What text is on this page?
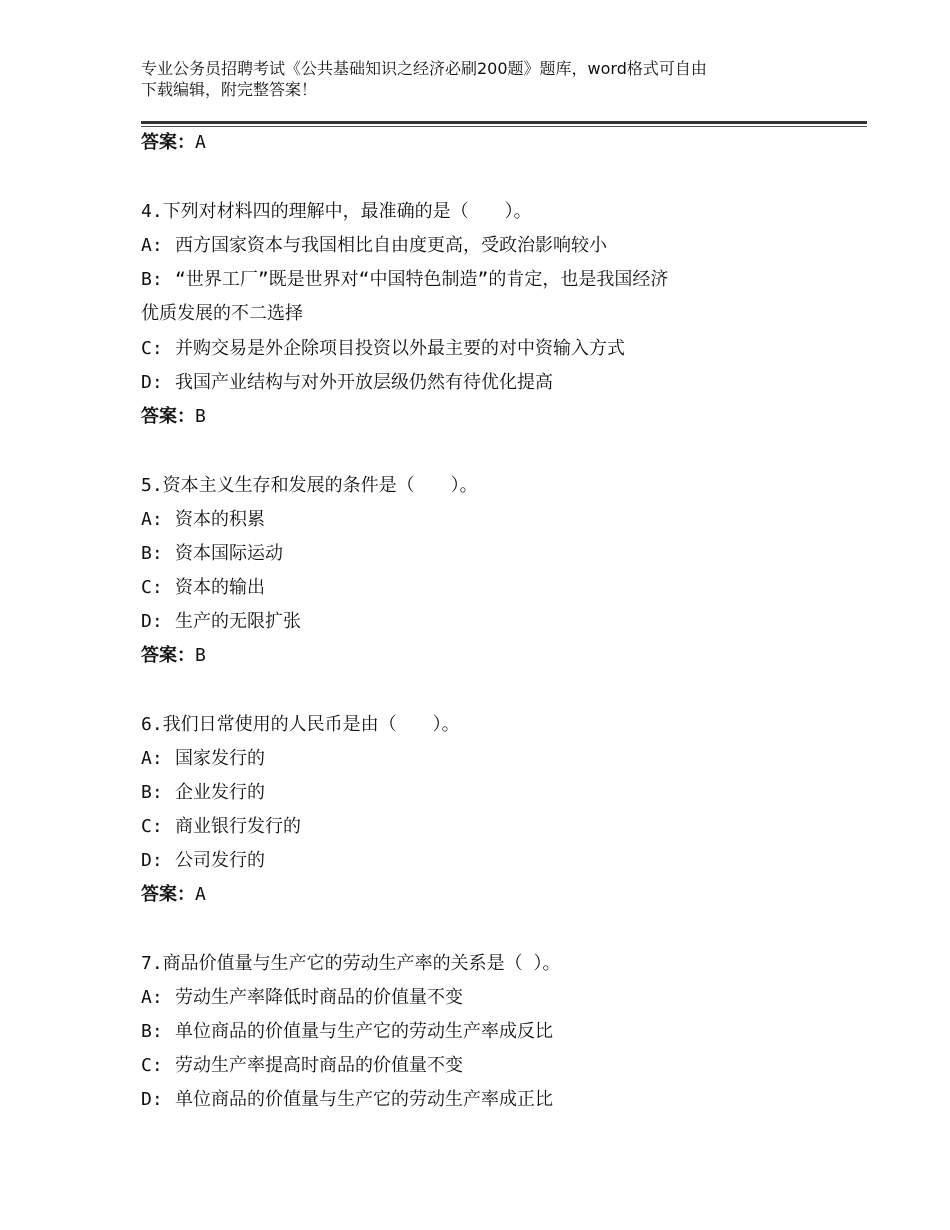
专业公务员招聘考试《公共基础知识之经济必刷200题》题库，word格式可自由
下载编辑，附完整答案！
答案：A
4.下列对材料四的理解中，最准确的是（　　）。
A: 西方国家资本与我国相比自由度更高，受政治影响较小
B: “世界工厂”既是世界对“中国特色制造”的肯定，也是我国经济
优质发展的不二选择
C: 并购交易是外企除项目投资以外最主要的对中资输入方式
D: 我国产业结构与对外开放层级仍然有待优化提高
答案：B
5.资本主义生存和发展的条件是（　　）。
A: 资本的积累
B: 资本国际运动
C: 资本的输出
D: 生产的无限扩张
答案：B
6.我们日常使用的人民币是由（　　）。
A: 国家发行的
B: 企业发行的
C: 商业银行发行的
D: 公司发行的
答案：A
7.商品价值量与生产它的劳动生产率的关系是（ ）。
A: 劳动生产率降低时商品的价值量不变
B: 单位商品的价值量与生产它的劳动生产率成反比
C: 劳动生产率提高时商品的价值量不变
D: 单位商品的价值量与生产它的劳动生产率成正比
